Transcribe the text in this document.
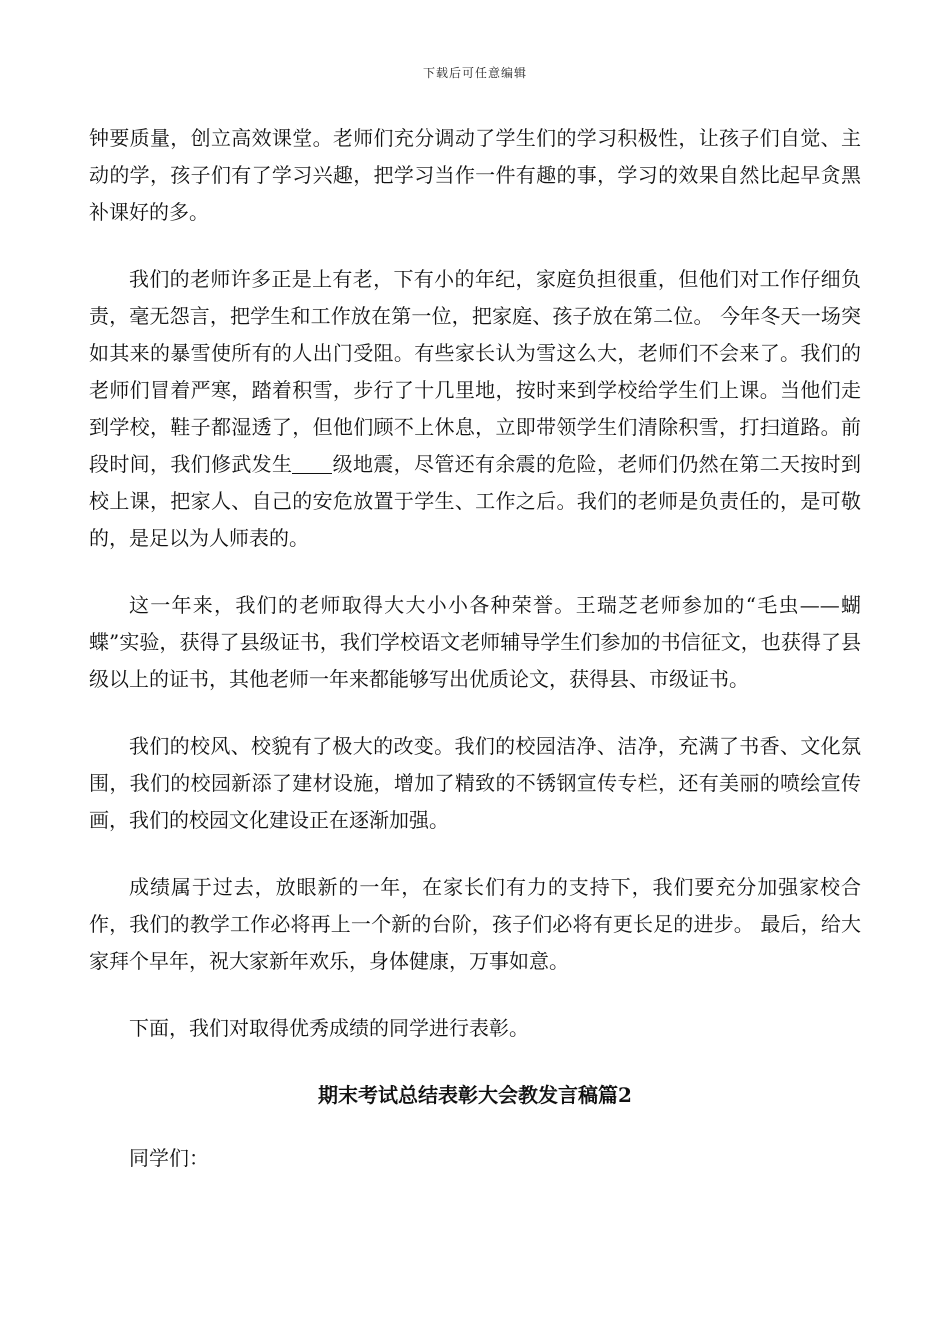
下载后可任意编辑

钟要质量，创立高效课堂。老师们充分调动了学生们的学习积极性，让孩子们自觉、主动的学，孩子们有了学习兴趣，把学习当作一件有趣的事，学习的效果自然比起早贪黑补课好的多。

我们的老师许多正是上有老，下有小的年纪，家庭负担很重，但他们对工作仔细负责，毫无怨言，把学生和工作放在第一位，把家庭、孩子放在第二位。 今年冬天一场突如其来的暴雪使所有的人出门受阻。有些家长认为雪这么大，老师们不会来了。我们的老师们冒着严寒，踏着积雪，步行了十几里地，按时来到学校给学生们上课。当他们走到学校，鞋子都湿透了，但他们顾不上休息，立即带领学生们清除积雪，打扫道路。前段时间，我们修武发生 级地震，尽管还有余震的危险，老师们仍然在第二天按时到校上课，把家人、自己的安危放置于学生、工作之后。我们的老师是负责任的，是可敬的，是足以为人师表的。

这一年来，我们的老师取得大大小小各种荣誉。王瑞芝老师参加的“毛虫——蝴蝶”实验，获得了县级证书，我们学校语文老师辅导学生们参加的书信征文，也获得了县级以上的证书，其他老师一年来都能够写出优质论文，获得县、市级证书。

我们的校风、校貌有了极大的改变。我们的校园洁净、洁净，充满了书香、文化氛围，我们的校园新添了建材设施，增加了精致的不锈钢宣传专栏，还有美丽的喷绘宣传画，我们的校园文化建设正在逐渐加强。

成绩属于过去，放眼新的一年，在家长们有力的支持下，我们要充分加强家校合作，我们的教学工作必将再上一个新的台阶，孩子们必将有更长足的进步。 最后，给大家拜个早年，祝大家新年欢乐，身体健康，万事如意。

下面，我们对取得优秀成绩的同学进行表彰。

期末考试总结表彰大会教发言稿篇2

同学们：
